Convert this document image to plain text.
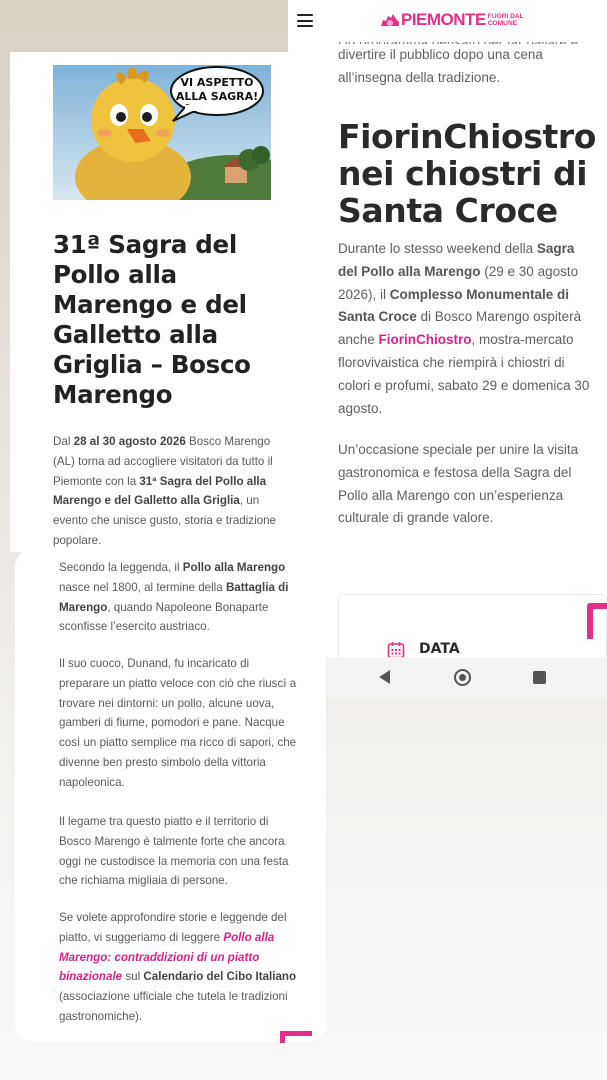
divertire il pubblico dopo una cena all’insegna della tradizione.
FiorinChiostro nei chiostri di Santa Croce

Durante lo stesso weekend della Sagra del Pollo alla Marengo (29 e 30 agosto 2026), il Complesso Monumentale di Santa Croce di Bosco Marengo ospiterà anche FiorinChiostro, mostra-mercato florovivaistica che riempirà i chiostri di colori e profumi, sabato 29 e domenica 30 agosto.

Un’occasione speciale per unire la visita gastronomica e festosa della Sagra del Pollo alla Marengo con un’esperienza culturale di grande valore.

DATA
PIEMONTE FUORI DAL COMUNE
VI ASPETTO
ALLA SAGRA!
31ª Sagra del Pollo alla Marengo e del Galletto alla Griglia – Bosco Marengo

Dal 28 al 30 agosto 2026 Bosco Marengo (AL) torna ad accogliere visitatori da tutto il Piemonte con la 31ª Sagra del Pollo alla Marengo e del Galletto alla Griglia, un evento che unisce gusto, storia e tradizione popolare.

Secondo la leggenda, il Pollo alla Marengo nasce nel 1800, al termine della Battaglia di Marengo, quando Napoleone Bonaparte sconfisse l’esercito austriaco.

Il suo cuoco, Dunand, fu incaricato di preparare un piatto veloce con ciò che riuscì a trovare nei dintorni: un pollo, alcune uova, gamberi di fiume, pomodori e pane. Nacque così un piatto semplice ma ricco di sapori, che divenne ben presto simbolo della vittoria napoleonica.

Il legame tra questo piatto e il territorio di Bosco Marengo è talmente forte che ancora oggi ne custodisce la memoria con una festa che richiama migliaia di persone.

Se volete approfondire storie e leggende del piatto, vi suggeriamo di leggere Pollo alla Marengo: contraddizioni di un piatto binazionale sul Calendario del Cibo Italiano (associazione ufficiale che tutela le tradizioni gastronomiche).
